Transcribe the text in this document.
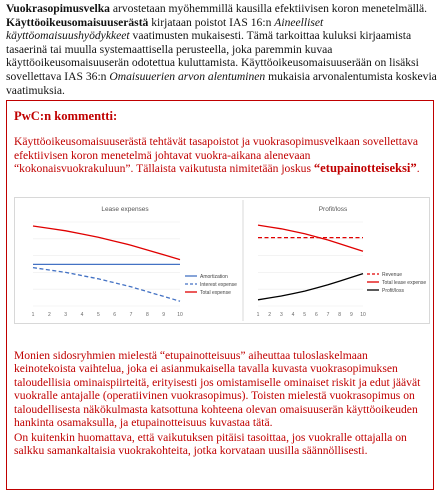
Vuokrasopimusvelka arvostetaan myöhemmillä kausilla efektiivisen koron menetelmällä. Käyttöoikeusomaisuuserästä kirjataan poistot IAS 16:n Aineelliset käyttöomaisuushyödykkeet vaatimusten mukaisesti. Tämä tarkoittaa kuluksi kirjaamista tasaerinä tai muulla systemaattisella perusteella, joka paremmin kuvaa käyttöoikeusomaisuuserän odotettua kuluttamista. Käyttöoikeusomaisuuserään on lisäksi sovellettava IAS 36:n Omaisuuerien arvon alentuminen mukaisia arvonalentumista koskevia vaatimuksia.
PwC:n kommentti:
Käyttöoikeusomaisuuserästä tehtävät tasapoistot ja vuokrasopimusvelkaan sovellettava efektiivisen koron menetelmä johtavat vuokra-aikana alenevaan “kokonaisvuokrakuluun”. Tällaista vaikutusta nimitetään joskus “etupainotteiseksi”.
Lease expenses
1	2	3	4	5	6	7	8	9 10
Amortization
Interest expense
Total expense
Profit/loss
1 2 3 4 5 6 7 8 9 10
Revenue
Total lease expense
Profit/loss
Monien sidosryhmien mielestä “etupainotteisuus” aiheuttaa tuloslaskelmaan keinotekoista vaihtelua, joka ei asianmukaisella tavalla kuvasta vuokrasopimuksen taloudellisia ominaispiirteitä, erityisesti jos omistamiselle ominaiset riskit ja edut jäävät vuokralle antajalle (operatiivinen vuokrasopimus). Toisten mielestä vuokrasopimus on taloudellisesta näkökulmasta katsottuna kohteena olevan omaisuuserän käyttöoikeuden hankinta osamaksulla, ja etupainotteisuus kuvastaa tätä.
On kuitenkin huomattava, että vaikutuksen pitäisi tasoittaa, jos vuokralle ottajalla on salkku samankaltaisia vuokrakohteita, jotka korvataan uusilla säännöllisesti.
